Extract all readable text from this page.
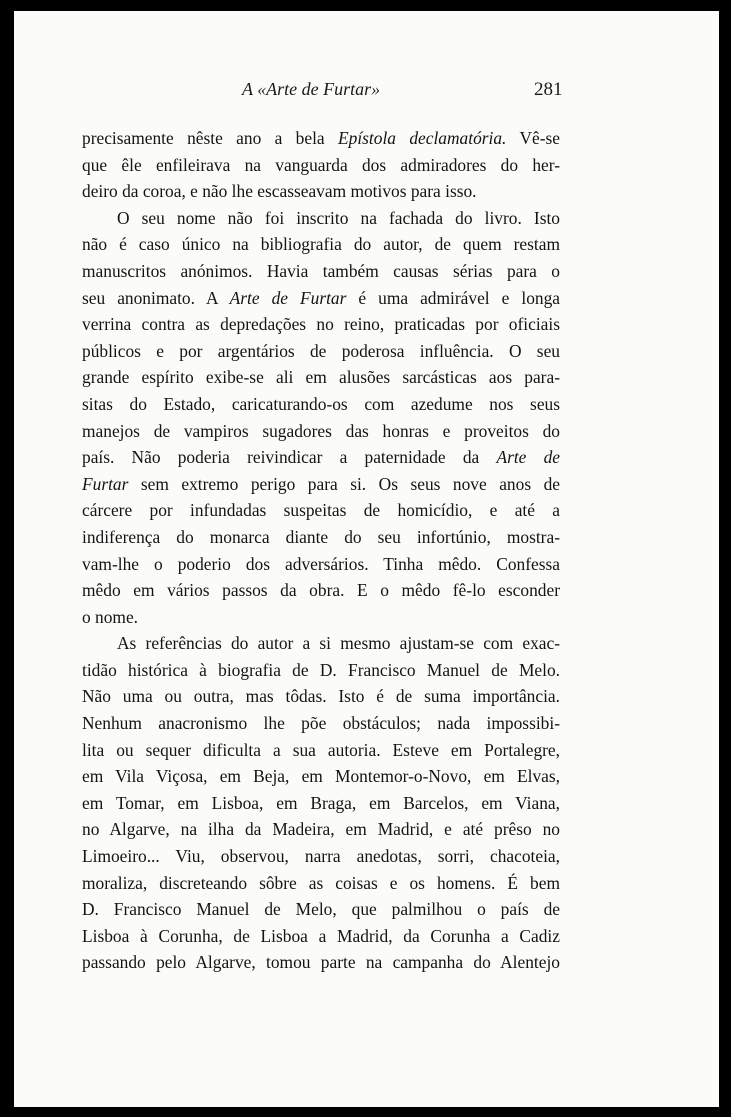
A «Arte de Furtar»	281
precisamente nêste ano a bela Epístola declamatória. Vê-se
que êle enfileirava na vanguarda dos admiradores do her-
deiro da coroa, e não lhe escasseavam motivos para isso.
O seu nome não foi inscrito na fachada do livro. Isto
não é caso único na bibliografia do autor, de quem restam
manuscritos anónimos. Havia também causas sérias para o
seu anonimato. A Arte de Furtar é uma admirável e longa
verrina contra as depredações no reino, praticadas por oficiais
públicos e por argentários de poderosa influência. O seu
grande espírito exibe-se ali em alusões sarcásticas aos para-
sitas do Estado, caricaturando-os com azedume nos seus
manejos de vampiros sugadores das honras e proveitos do
país. Não poderia reivindicar a paternidade da Arte de
Furtar sem extremo perigo para si. Os seus nove anos de
cárcere por infundadas suspeitas de homicídio, e até a
indiferença do monarca diante do seu infortúnio, mostra-
vam-lhe o poderio dos adversários. Tinha mêdo. Confessa
mêdo em vários passos da obra. E o mêdo fê-lo esconder
o nome.
As referências do autor a si mesmo ajustam-se com exac-
tidão histórica à biografia de D. Francisco Manuel de Melo.
Não uma ou outra, mas tôdas. Isto é de suma importância.
Nenhum anacronismo lhe põe obstáculos; nada impossibi-
lita ou sequer dificulta a sua autoria. Esteve em Portalegre,
em Vila Viçosa, em Beja, em Montemor-o-Novo, em Elvas,
em Tomar, em Lisboa, em Braga, em Barcelos, em Viana,
no Algarve, na ilha da Madeira, em Madrid, e até prêso no
Limoeiro... Viu, observou, narra anedotas, sorri, chacoteia,
moraliza, discreteando sôbre as coisas e os homens. É bem
D. Francisco Manuel de Melo, que palmilhou o país de
Lisboa à Corunha, de Lisboa a Madrid, da Corunha a Cadiz
passando pelo Algarve, tomou parte na campanha do Alentejo
